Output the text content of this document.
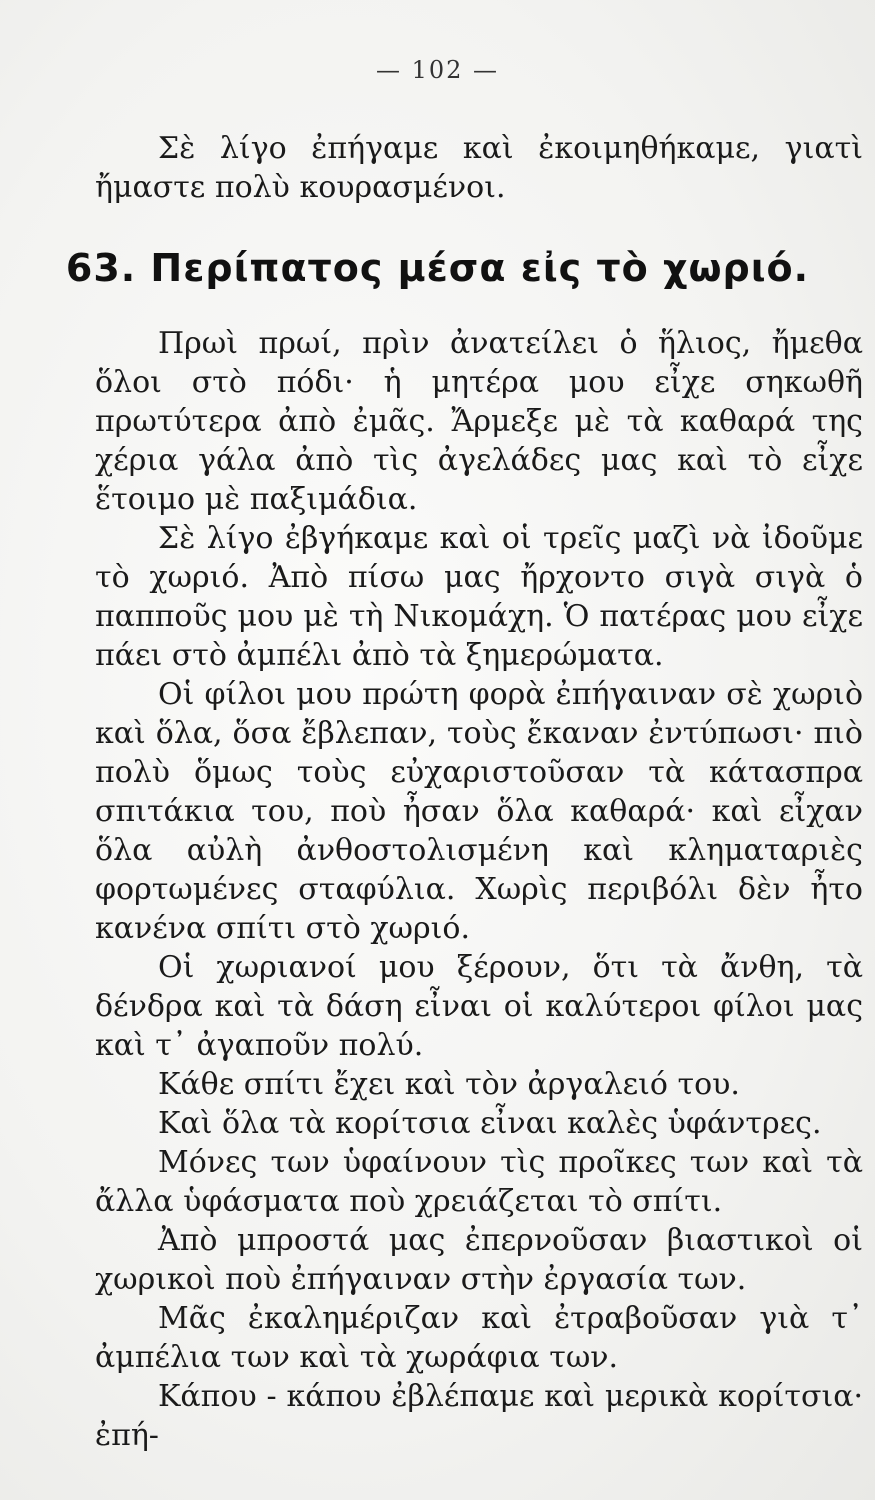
— 102 —

Σὲ λίγο ἐπήγαμε καὶ ἐκοιμηθήκαμε, γιατὶ ἤμαστε πολὺ κουρασμένοι.

63. Περίπατος μέσα εἰς τὸ χωριό.

Πρωὶ πρωί, πρὶν ἀνατείλει ὁ ἥλιος, ἤμεθα ὅλοι στὸ πόδι· ἡ μητέρα μου εἶχε σηκωθῆ πρωτύτερα ἀπὸ ἐμᾶς. Ἄρμεξε μὲ τὰ καθαρά της χέρια γάλα ἀπὸ τὶς ἀγελάδες μας καὶ τὸ εἶχε ἕτοιμο μὲ παξιμάδια.

Σὲ λίγο ἐβγήκαμε καὶ οἱ τρεῖς μαζὶ νὰ ἰδοῦμε τὸ χωριό. Ἀπὸ πίσω μας ἤρχοντο σιγὰ σιγὰ ὁ παπποῦς μου μὲ τὴ Νικομάχη. Ὁ πατέρας μου εἶχε πάει στὸ ἀμπέλι ἀπὸ τὰ ξημερώματα.

Οἱ φίλοι μου πρώτη φορὰ ἐπήγαιναν σὲ χωριὸ καὶ ὅλα, ὅσα ἔβλεπαν, τοὺς ἔκαναν ἐντύπωσι· πιὸ πολὺ ὅμως τοὺς εὐχαριστοῦσαν τὰ κάτασπρα σπιτάκια του, ποὺ ἦσαν ὅλα καθαρά· καὶ εἶχαν ὅλα αὐλὴ ἀνθοστολισμένη καὶ κληματαριὲς φορτωμένες σταφύλια. Χωρὶς περιβόλι δὲν ἦτο κανένα σπίτι στὸ χωριό.

Οἱ χωριανοί μου ξέρουν, ὅτι τὰ ἄνθη, τὰ δένδρα καὶ τὰ δάση εἶναι οἱ καλύτεροι φίλοι μας καὶ τ᾽ ἀγαποῦν πολύ.

Κάθε σπίτι ἔχει καὶ τὸν ἀργαλειό του.

Καὶ ὅλα τὰ κορίτσια εἶναι καλὲς ὑφάντρες.

Μόνες των ὑφαίνουν τὶς προῖκες των καὶ τὰ ἄλλα ὑφάσματα ποὺ χρειάζεται τὸ σπίτι.

Ἀπὸ μπροστά μας ἐπερνοῦσαν βιαστικοὶ οἱ χωρικοὶ ποὺ ἐπήγαιναν στὴν ἐργασία των.

Μᾶς ἐκαλημέριζαν καὶ ἐτραβοῦσαν γιὰ τ᾽ ἀμπέλια των καὶ τὰ χωράφια των.

Κάπου - κάπου ἐβλέπαμε καὶ μερικὰ κορίτσια· ἐπή-
